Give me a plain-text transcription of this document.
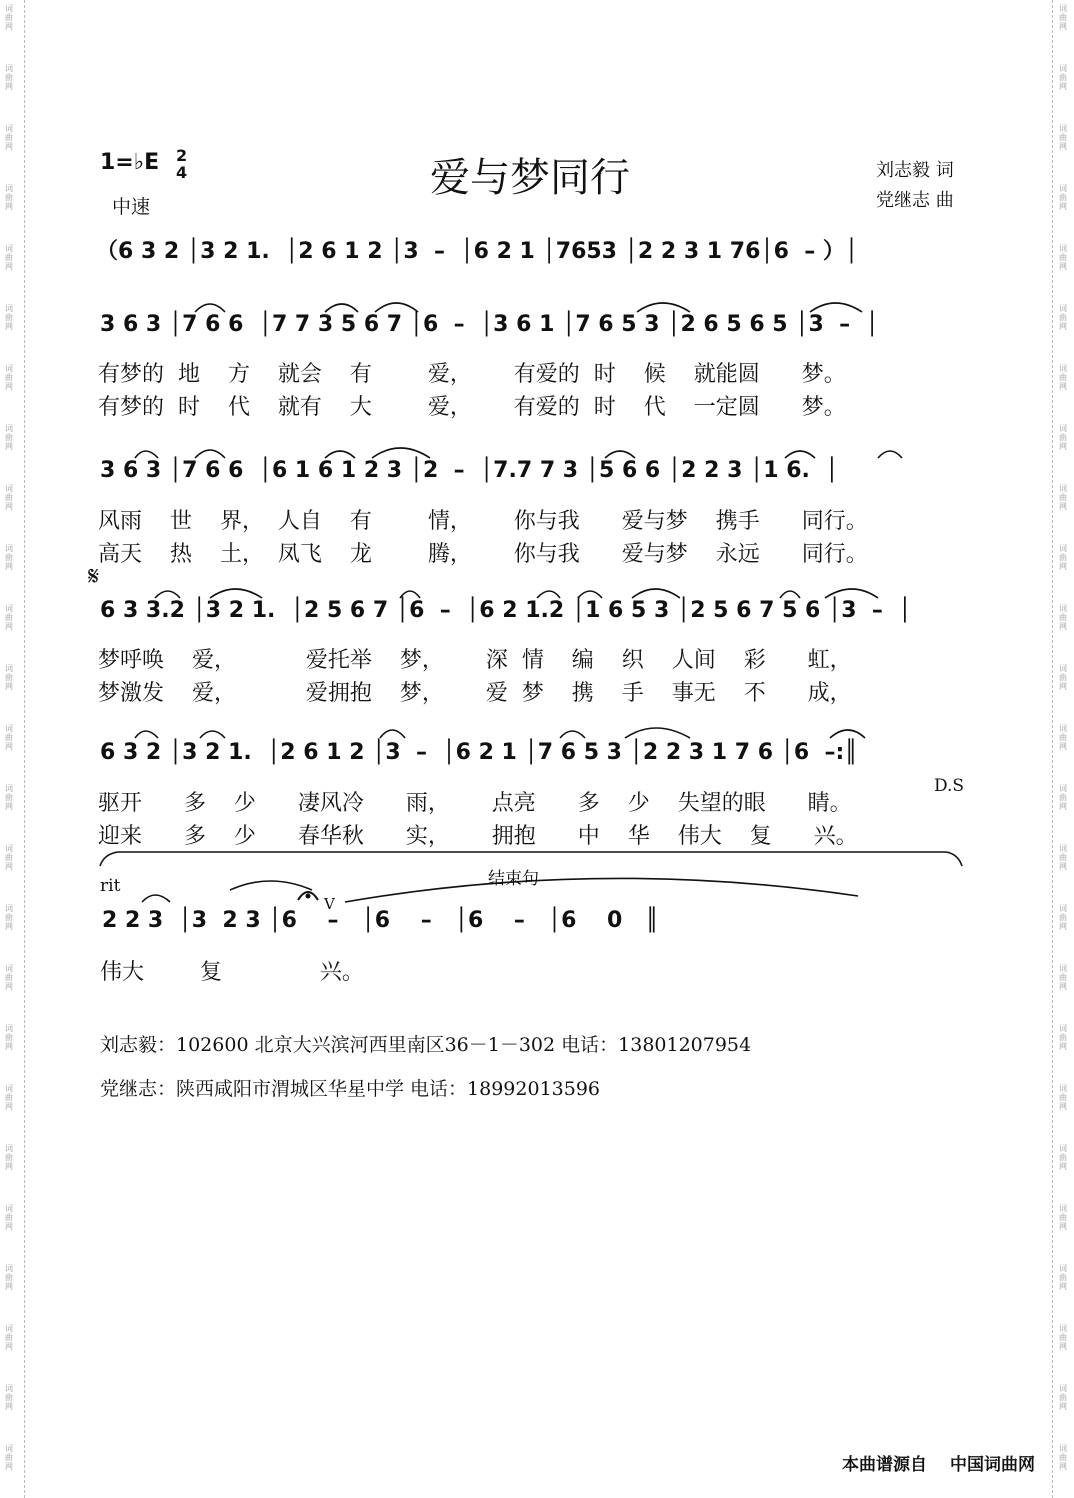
词曲网
词曲网
词曲网
词曲网
词曲网
词曲网
词曲网
词曲网
词曲网
词曲网
词曲网
词曲网
词曲网
词曲网
词曲网
词曲网
词曲网
词曲网
词曲网
词曲网
词曲网
词曲网
词曲网
词曲网
词曲网
词曲网
词曲网
词曲网
词曲网
词曲网
词曲网
词曲网
词曲网
词曲网
词曲网
词曲网
词曲网
词曲网
词曲网
词曲网
词曲网
词曲网
词曲网
词曲网
词曲网
词曲网
词曲网
词曲网
词曲网
词曲网
1=♭E 2
4
中速
爱与梦同行	刘志毅 词
党继志 曲
（6 3 2 │3 2 1.  │2 6 1 2 │3  –  │6 2 1 │7653 │2 2 3 1 76│6  – ）│
3 6 3 │7 6 6  │7 7 3 5 6 7 │6  –  │3 6 1 │7 6 5 3 │2 6 5 6 5 │3  –  │
有梦的  地    方    就会    有        爱，      有爱的  时    候    就能圆      梦。
有梦的  时    代    就有    大        爱，      有爱的  时    代    一定圆      梦。
3 6 3 │7 6 6  │6 1 6 1 2 3 │2  –  │7.7 7 3 │5 6 6 │2 2 3 │1 6.  │
风雨    世    界，  人自    有        情，      你与我      爱与梦    携手      同行。
高天    热    土，  凤飞    龙        腾，      你与我      爱与梦    永远      同行。
𝄋
6 3 3.2 │3 2 1.  │2 5 6 7 │6  –  │6 2 1.2 │1 6 5 3 │2 5 6 7 5 6 │3  –  │
梦呼唤    爱，          爱托举    梦，      深  情    编    织    人间    彩      虹，
梦激发    爱，          爱拥抱    梦，      爱  梦    携    手    事无    不      成，
6 3 2 │3 2 1.  │2 6 1 2 │3  –  │6 2 1 │7 6 5 3 │2 2 3 1 7 6 │6  –:║
驱开      多    少      凄风冷      雨，      点亮      多    少    失望的眼      睛。
迎来      多    少      春华秋      实，      拥抱      中    华    伟大    复      兴。
D.S
rit	结束句
V
2 2 3  │3  2 3 │6    –   │6    –   │6    –   │6    0   ║
伟大        复              兴。
刘志毅：102600 北京大兴滨河西里南区36－1－302 电话：13801207954
党继志：陕西咸阳市渭城区华星中学 电话：18992013596
本曲谱源自 中国词曲网
